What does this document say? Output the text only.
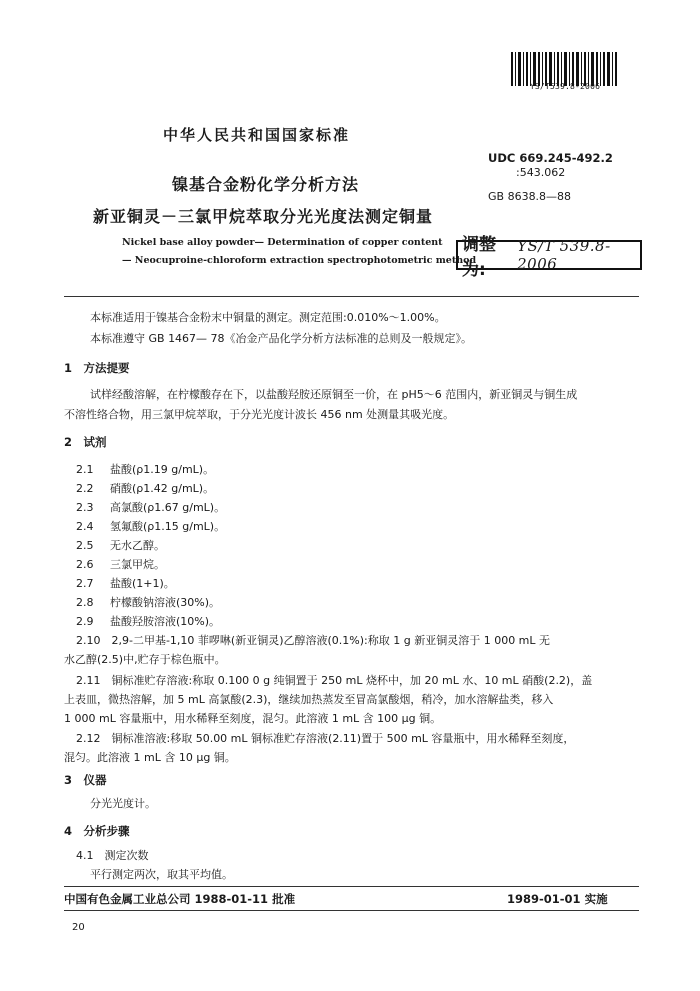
YS/T539.8-2006
中华人民共和国国家标准
UDC 669.245-492.2
:543.062
GB 8638.8—88
镍基合金粉化学分析方法
新亚铜灵－三氯甲烷萃取分光光度法测定铜量
Nickel base alloy powder— Determination of copper content
— Neocuproine-chloroform extraction spectrophotometric method
调整为:
YS/T 539.8-2006
本标准适用于镍基合金粉末中铜量的测定。测定范围:0.010%～1.00%。
本标准遵守 GB 1467— 78《冶金产品化学分析方法标准的总则及一般规定》。
1　方法提要
试样经酸溶解，在柠檬酸存在下，以盐酸羟胺还原铜至一价，在 pH5～6 范围内，新亚铜灵与铜生成
不溶性络合物，用三氯甲烷萃取，于分光光度计波长 456 nm 处测量其吸光度。
2　试剂
2.1 盐酸(ρ1.19 g/mL)。
2.2 硝酸(ρ1.42 g/mL)。
2.3 高氯酸(ρ1.67 g/mL)。
2.4 氢氟酸(ρ1.15 g/mL)。
2.5 无水乙醇。
2.6 三氯甲烷。
2.7 盐酸(1+1)。
2.8 柠檬酸钠溶液(30%)。
2.9 盐酸羟胺溶液(10%)。
2.10　2,9-二甲基-1,10 菲啰啉(新亚铜灵)乙醇溶液(0.1%):称取 1 g 新亚铜灵溶于 1 000 mL 无
水乙醇(2.5)中,贮存于棕色瓶中。
2.11　铜标准贮存溶液:称取 0.100 0 g 纯铜置于 250 mL 烧杯中，加 20 mL 水、10 mL 硝酸(2.2)，盖
上表皿，微热溶解，加 5 mL 高氯酸(2.3)，继续加热蒸发至冒高氯酸烟，稍冷，加水溶解盐类，移入
1 000 mL 容量瓶中，用水稀释至刻度，混匀。此溶液 1 mL 含 100 μg 铜。
2.12　铜标准溶液:移取 50.00 mL 铜标准贮存溶液(2.11)置于 500 mL 容量瓶中，用水稀释至刻度，
混匀。此溶液 1 mL 含 10 μg 铜。
3　仪器
分光光度计。
4　分析步骤
4.1　测定次数
平行测定两次，取其平均值。
中国有色金属工业总公司 1988-01-11 批准	1989-01-01 实施
20
